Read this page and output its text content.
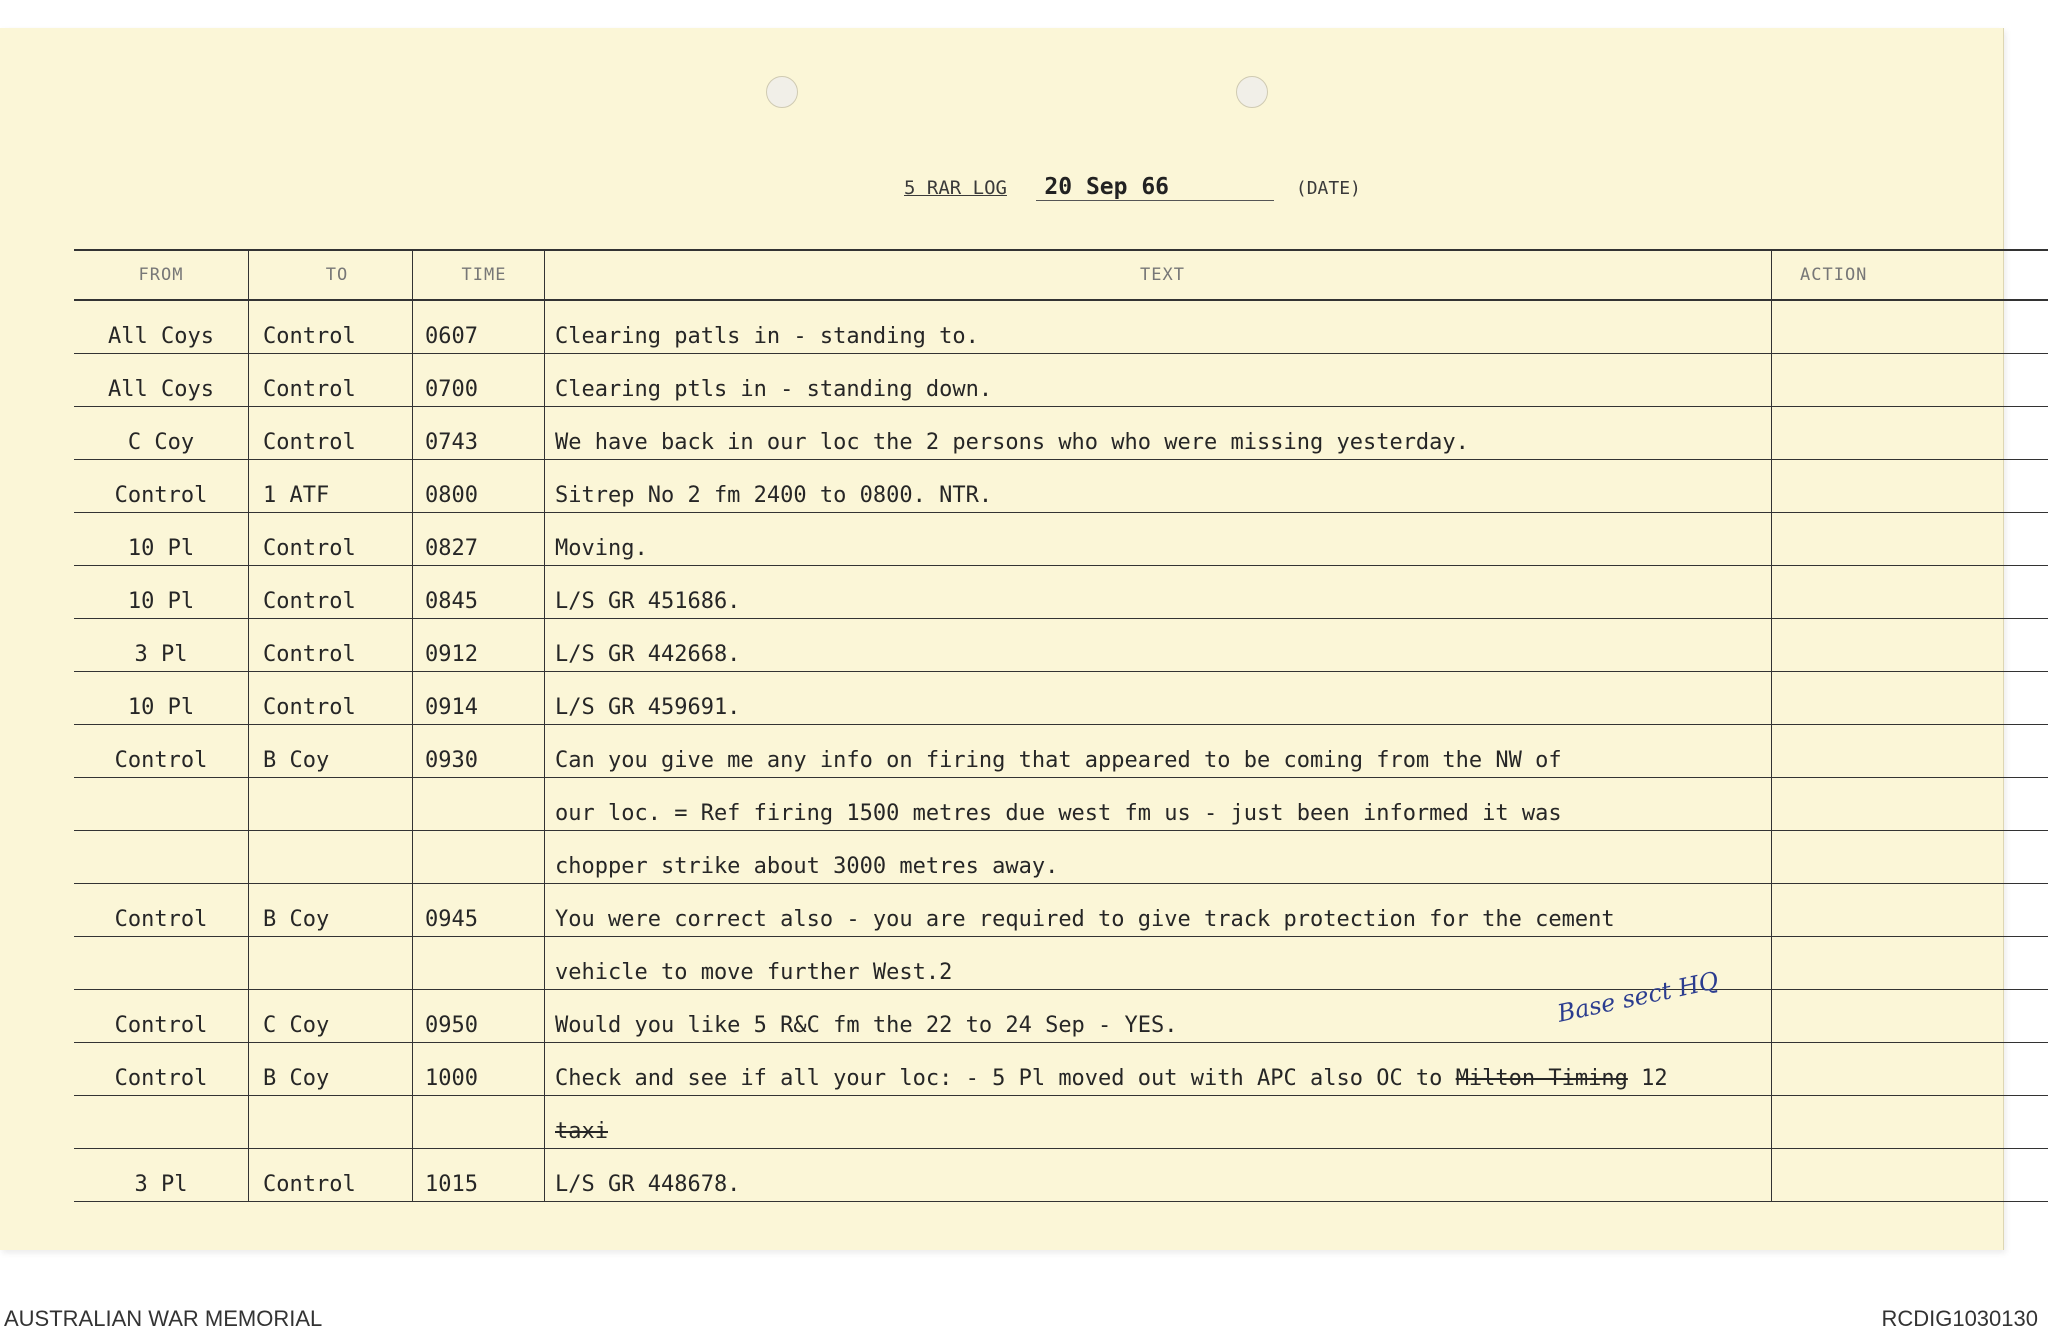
5 RAR LOG 20 Sep 66	(DATE)
FROM	TO	TIME	TEXT	ACTION
All Coys	Control	0607	Clearing patls in - standing to.	
All Coys	Control	0700	Clearing ptls in - standing down.	
C Coy	Control	0743	We have back in our loc the 2 persons who who were missing yesterday.	
Control	1 ATF	0800	Sitrep No 2 fm 2400 to 0800. NTR.	
10 Pl	Control	0827	Moving.	
10 Pl	Control	0845	L/S GR 451686.	
3 Pl	Control	0912	L/S GR 442668.	
10 Pl	Control	0914	L/S GR 459691.	
Control	B Coy	0930	Can you give me any info on firing that appeared to be coming from the NW of	
			our loc. = Ref firing 1500 metres due west fm us - just been informed it was	
			chopper strike about 3000 metres away.	
Control	B Coy	0945	You were correct also - you are required to give track protection for the cement	
			vehicle to move further West.2	
Control	C Coy	0950	Would you like 5 R&C fm the 22 to 24 Sep - YES.	
Control	B Coy	1000	Check and see if all your loc: - 5 Pl moved out with APC also OC to Milton Timing 12	
			taxi	
3 Pl	Control	1015	L/S GR 448678.	
Base sect HQ
AUSTRALIAN WAR MEMORIAL	RCDIG1030130
